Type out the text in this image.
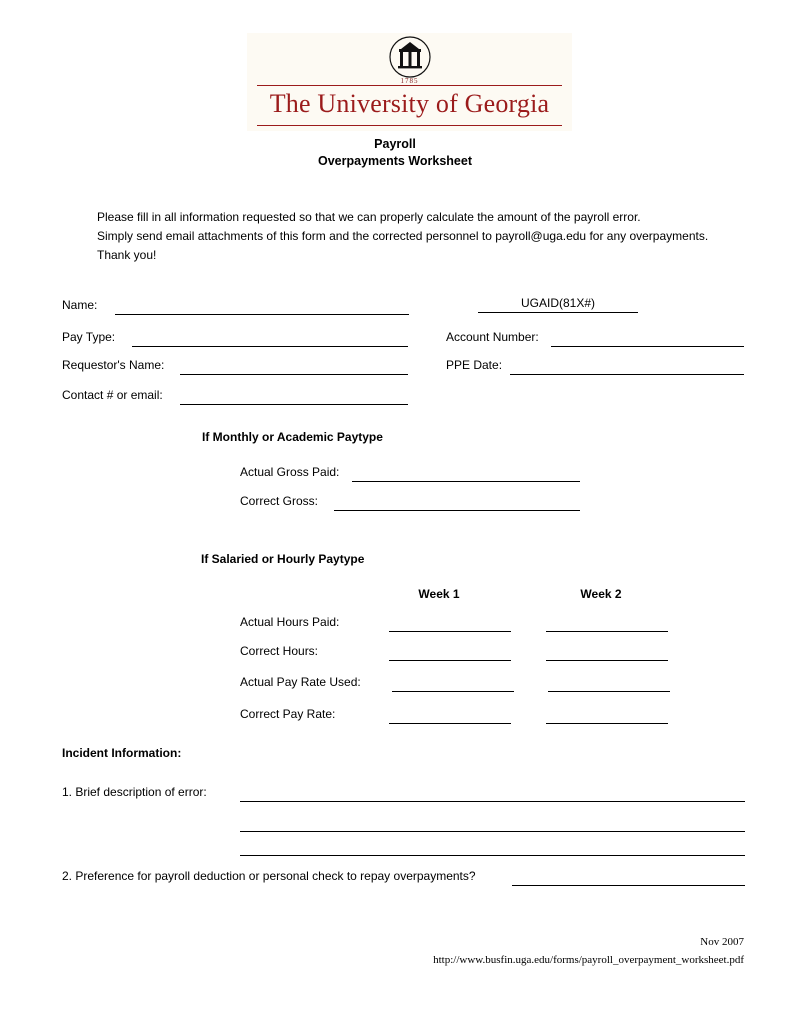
1785
The University of Georgia
Payroll
Overpayments Worksheet
Please fill in all information requested so that we can properly calculate the amount of the payroll error.
Simply send email attachments of this form and the corrected personnel to payroll@uga.edu for any overpayments.
Thank you!
Name:	UGAID(81X#)
Pay Type:	Account Number:
Requestor's Name:	PPE Date:
Contact # or email:
If Monthly or Academic Paytype
Actual Gross Paid:
Correct Gross:
If Salaried or Hourly Paytype
Week 1	Week 2
Actual Hours Paid:
Correct Hours:
Actual Pay Rate Used:
Correct Pay Rate:
Incident Information:
1. Brief description of error:
2. Preference for payroll deduction or personal check to repay overpayments?
Nov 2007
http://www.busfin.uga.edu/forms/payroll_overpayment_worksheet.pdf
